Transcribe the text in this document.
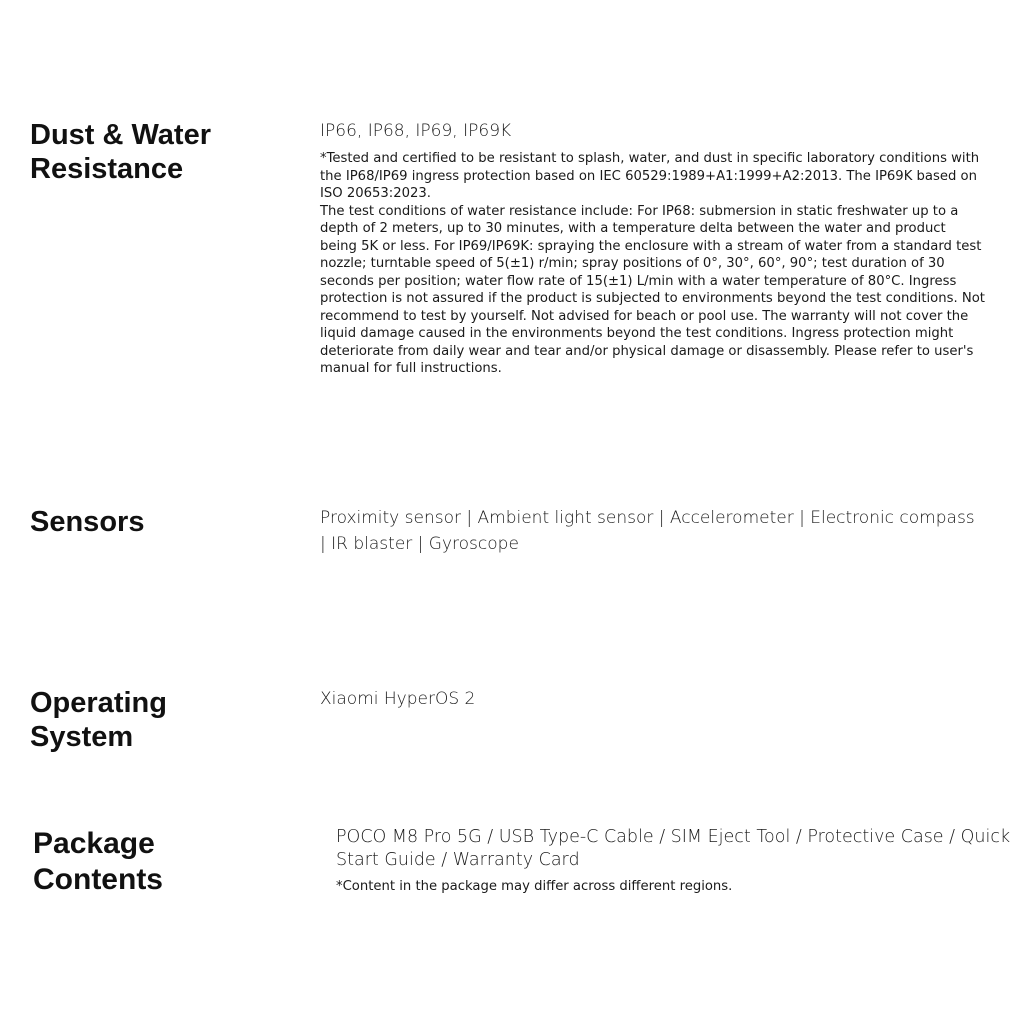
Dust & Water
Resistance

IP66, IP68, IP69, IP69K

*Tested and certified to be resistant to splash, water, and dust in specific laboratory conditions with the IP68/IP69 ingress protection based on IEC 60529:1989+A1:1999+A2:2013. The IP69K based on ISO 20653:2023.

The test conditions of water resistance include: For IP68: submersion in static freshwater up to a depth of 2 meters, up to 30 minutes, with a temperature delta between the water and product being 5K or less. For IP69/IP69K: spraying the enclosure with a stream of water from a standard test nozzle; turntable speed of 5(±1) r/min; spray positions of 0°, 30°, 60°, 90°; test duration of 30 seconds per position; water flow rate of 15(±1) L/min with a water temperature of 80°C. Ingress protection is not assured if the product is subjected to environments beyond the test conditions. Not recommend to test by yourself. Not advised for beach or pool use. The warranty will not cover the liquid damage caused in the environments beyond the test conditions. Ingress protection might deteriorate from daily wear and tear and/or physical damage or disassembly. Please refer to user's manual for full instructions.

Sensors	Proximity sensor | Ambient light sensor | Accelerometer | Electronic compass | IR blaster | Gyroscope

Operating
System

Xiaomi HyperOS 2

Package
Contents

POCO M8 Pro 5G / USB Type-C Cable / SIM Eject Tool / Protective Case / Quick Start Guide / Warranty Card

*Content in the package may differ across different regions.
